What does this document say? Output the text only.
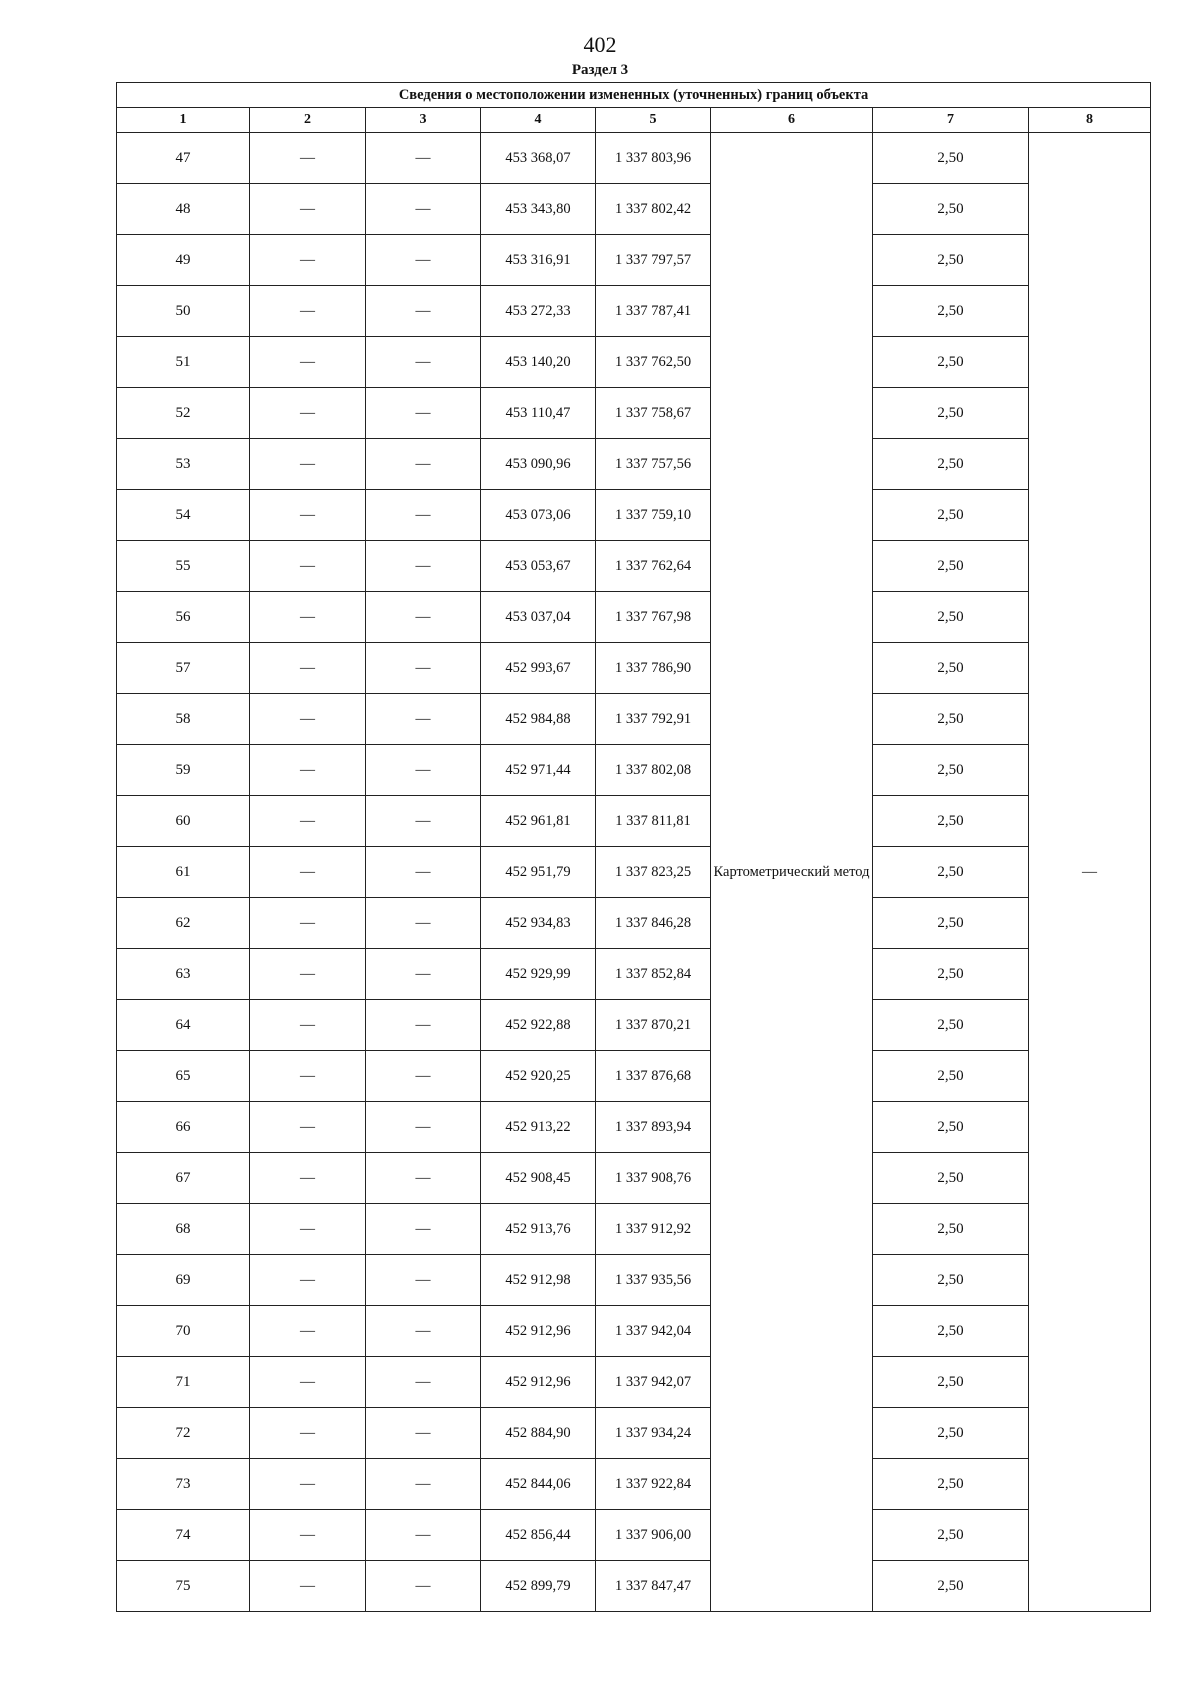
402
Раздел 3
Сведения о местоположении измененных (уточненных) границ объекта							
1	2	3	4	5	6	7	8
47	—	—	453 368,07	1 337 803,96	Картометрический метод	2,50	—
48	—	—	453 343,80	1 337 802,42		2,50	
49	—	—	453 316,91	1 337 797,57		2,50	
50	—	—	453 272,33	1 337 787,41		2,50	
51	—	—	453 140,20	1 337 762,50		2,50	
52	—	—	453 110,47	1 337 758,67		2,50	
53	—	—	453 090,96	1 337 757,56		2,50	
54	—	—	453 073,06	1 337 759,10		2,50	
55	—	—	453 053,67	1 337 762,64		2,50	
56	—	—	453 037,04	1 337 767,98		2,50	
57	—	—	452 993,67	1 337 786,90		2,50	
58	—	—	452 984,88	1 337 792,91		2,50	
59	—	—	452 971,44	1 337 802,08		2,50	
60	—	—	452 961,81	1 337 811,81		2,50	
61	—	—	452 951,79	1 337 823,25		2,50	
62	—	—	452 934,83	1 337 846,28		2,50	
63	—	—	452 929,99	1 337 852,84		2,50	
64	—	—	452 922,88	1 337 870,21		2,50	
65	—	—	452 920,25	1 337 876,68		2,50	
66	—	—	452 913,22	1 337 893,94		2,50	
67	—	—	452 908,45	1 337 908,76		2,50	
68	—	—	452 913,76	1 337 912,92		2,50	
69	—	—	452 912,98	1 337 935,56		2,50	
70	—	—	452 912,96	1 337 942,04		2,50	
71	—	—	452 912,96	1 337 942,07		2,50	
72	—	—	452 884,90	1 337 934,24		2,50	
73	—	—	452 844,06	1 337 922,84		2,50	
74	—	—	452 856,44	1 337 906,00		2,50	
75	—	—	452 899,79	1 337 847,47		2,50	
